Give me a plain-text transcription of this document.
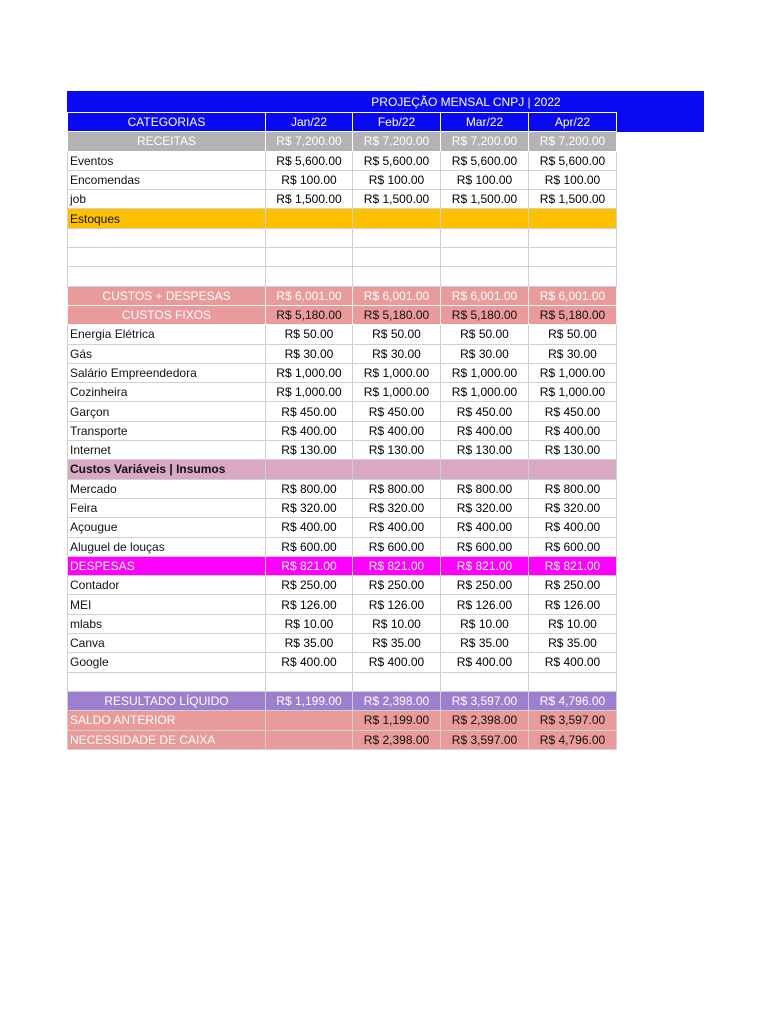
PROJEÇÃO MENSAL CNPJ | 2022
CATEGORIAS	Jan/22	Feb/22	Mar/22	Apr/22
RECEITAS	R$ 7,200.00	R$ 7,200.00	R$ 7,200.00	R$ 7,200.00
Eventos	R$ 5,600.00	R$ 5,600.00	R$ 5,600.00	R$ 5,600.00
Encomendas	R$ 100.00	R$ 100.00	R$ 100.00	R$ 100.00
job	R$ 1,500.00	R$ 1,500.00	R$ 1,500.00	R$ 1,500.00
Estoques				

CUSTOS + DESPESAS	R$ 6,001.00	R$ 6,001.00	R$ 6,001.00	R$ 6,001.00
CUSTOS FIXOS	R$ 5,180.00	R$ 5,180.00	R$ 5,180.00	R$ 5,180.00
Energia Elétrica	R$ 50.00	R$ 50.00	R$ 50.00	R$ 50.00
Gás	R$ 30.00	R$ 30.00	R$ 30.00	R$ 30.00
Salário Empreendedora	R$ 1,000.00	R$ 1,000.00	R$ 1,000.00	R$ 1,000.00
Cozinheira	R$ 1,000.00	R$ 1,000.00	R$ 1,000.00	R$ 1,000.00
Garçon	R$ 450.00	R$ 450.00	R$ 450.00	R$ 450.00
Transporte	R$ 400.00	R$ 400.00	R$ 400.00	R$ 400.00
Internet	R$ 130.00	R$ 130.00	R$ 130.00	R$ 130.00
Custos Variáveis | Insumos				
Mercado	R$ 800.00	R$ 800.00	R$ 800.00	R$ 800.00
Feira	R$ 320.00	R$ 320.00	R$ 320.00	R$ 320.00
Açougue	R$ 400.00	R$ 400.00	R$ 400.00	R$ 400.00
Aluguel de louças	R$ 600.00	R$ 600.00	R$ 600.00	R$ 600.00
DESPESAS	R$ 821.00	R$ 821.00	R$ 821.00	R$ 821.00
Contador	R$ 250.00	R$ 250.00	R$ 250.00	R$ 250.00
MEI	R$ 126.00	R$ 126.00	R$ 126.00	R$ 126.00
mlabs	R$ 10.00	R$ 10.00	R$ 10.00	R$ 10.00
Canva	R$ 35.00	R$ 35.00	R$ 35.00	R$ 35.00
Google	R$ 400.00	R$ 400.00	R$ 400.00	R$ 400.00

RESULTADO LÍQUIDO	R$ 1,199.00	R$ 2,398.00	R$ 3,597.00	R$ 4,796.00
SALDO ANTERIOR		R$ 1,199.00	R$ 2,398.00	R$ 3,597.00
NECESSIDADE DE CAIXA		R$ 2,398.00	R$ 3,597.00	R$ 4,796.00
